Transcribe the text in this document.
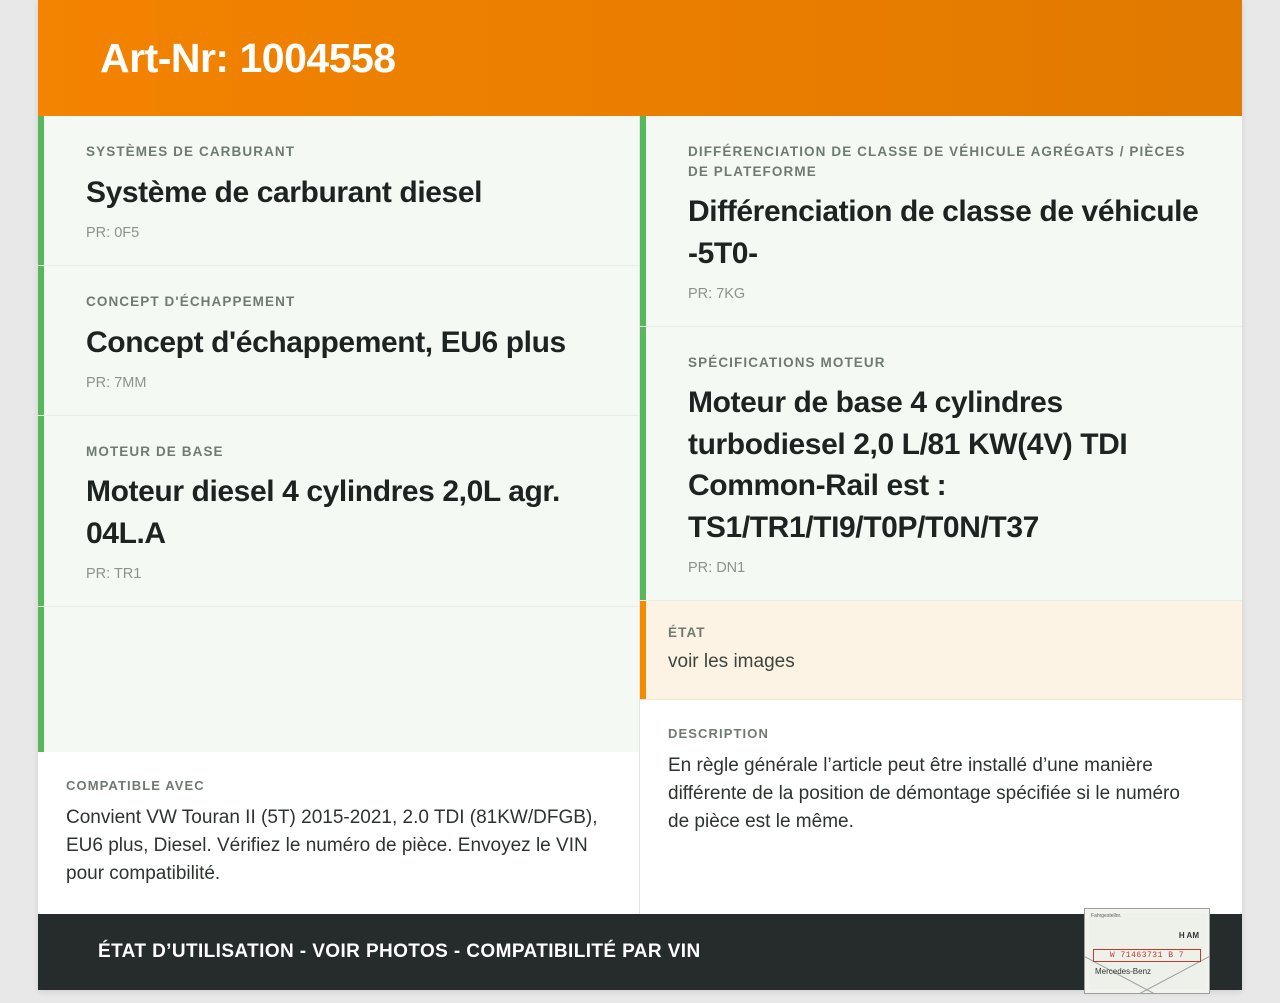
Art-Nr: 1004558
SYSTÈMES DE CARBURANT
Système de carburant diesel
PR: 0F5
CONCEPT D'ÉCHAPPEMENT
Concept d'échappement, EU6 plus
PR: 7MM
MOTEUR DE BASE
Moteur diesel 4 cylindres 2,0L agr. 04L.A
PR: TR1
COMPATIBLE AVEC
Convient VW Touran II (5T) 2015-2021, 2.0 TDI (81KW/DFGB), EU6 plus, Diesel. Vérifiez le numéro de pièce. Envoyez le VIN pour compatibilité.
DIFFÉRENCIATION DE CLASSE DE VÉHICULE AGRÉGATS / PIÈCES DE PLATEFORME
Différenciation de classe de véhicule -5T0-
PR: 7KG
SPÉCIFICATIONS MOTEUR
Moteur de base 4 cylindres turbodiesel 2,0 L/81 KW(4V) TDI Common-Rail est : TS1/TR1/TI9/T0P/T0N/T37
PR: DN1
ÉTAT
voir les images
DESCRIPTION
En règle générale l’article peut être installé d’une manière différente de la position de démontage spécifiée si le numéro de pièce est le même.
ÉTAT D’UTILISATION - VOIR PHOTOS - COMPATIBILITÉ PAR VIN
Fahrgestellnr.
H AM
W 71463731 B 7
Mercedes-Benz
